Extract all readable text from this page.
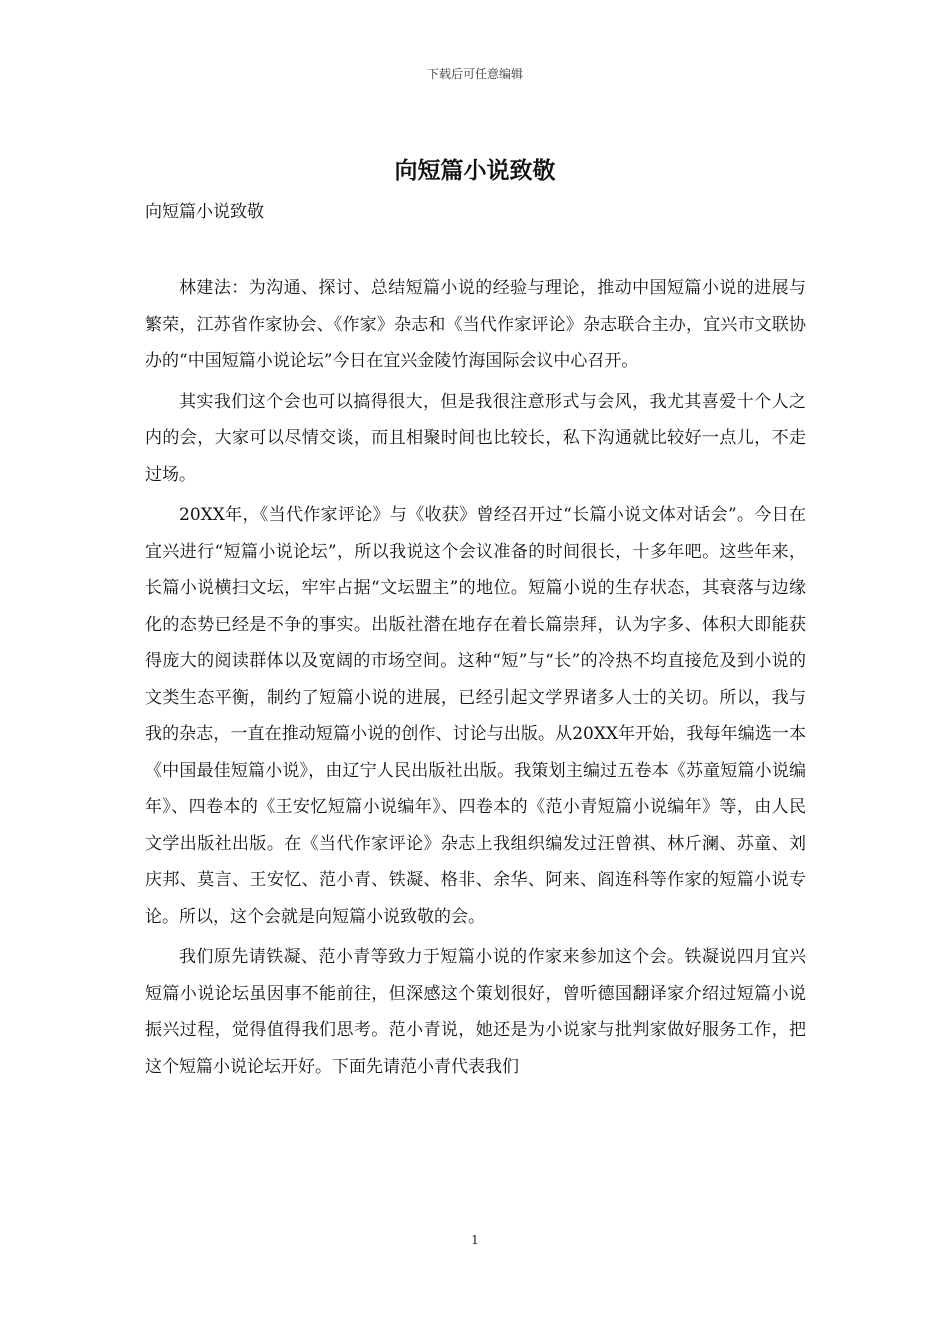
下载后可任意编辑
向短篇小说致敬
向短篇小说致敬

林建法：为沟通、探讨、总结短篇小说的经验与理论，推动中国短篇小说的进展与繁荣，江苏省作家协会、《作家》杂志和《当代作家评论》杂志联合主办，宜兴市文联协办的“中国短篇小说论坛”今日在宜兴金陵竹海国际会议中心召开。

其实我们这个会也可以搞得很大，但是我很注意形式与会风，我尤其喜爱十个人之内的会，大家可以尽情交谈，而且相聚时间也比较长，私下沟通就比较好一点儿，不走过场。

20XX年，《当代作家评论》与《收获》曾经召开过“长篇小说文体对话会”。今日在宜兴进行“短篇小说论坛”，所以我说这个会议准备的时间很长，十多年吧。这些年来，长篇小说横扫文坛，牢牢占据“文坛盟主”的地位。短篇小说的生存状态，其衰落与边缘化的态势已经是不争的事实。出版社潜在地存在着长篇崇拜，认为字多、体积大即能获得庞大的阅读群体以及宽阔的市场空间。这种“短”与“长”的冷热不均直接危及到小说的文类生态平衡，制约了短篇小说的进展，已经引起文学界诸多人士的关切。所以，我与我的杂志，一直在推动短篇小说的创作、讨论与出版。从20XX年开始，我每年编选一本《中国最佳短篇小说》，由辽宁人民出版社出版。我策划主编过五卷本《苏童短篇小说编年》、四卷本的《王安忆短篇小说编年》、四卷本的《范小青短篇小说编年》等，由人民文学出版社出版。在《当代作家评论》杂志上我组织编发过汪曾祺、林斤澜、苏童、刘庆邦、莫言、王安忆、范小青、铁凝、格非、余华、阿来、阎连科等作家的短篇小说专论。所以，这个会就是向短篇小说致敬的会。

我们原先请铁凝、范小青等致力于短篇小说的作家来参加这个会。铁凝说四月宜兴短篇小说论坛虽因事不能前往，但深感这个策划很好，曾听德国翻译家介绍过短篇小说振兴过程，觉得值得我们思考。范小青说，她还是为小说家与批判家做好服务工作，把这个短篇小说论坛开好。下面先请范小青代表我们

1
